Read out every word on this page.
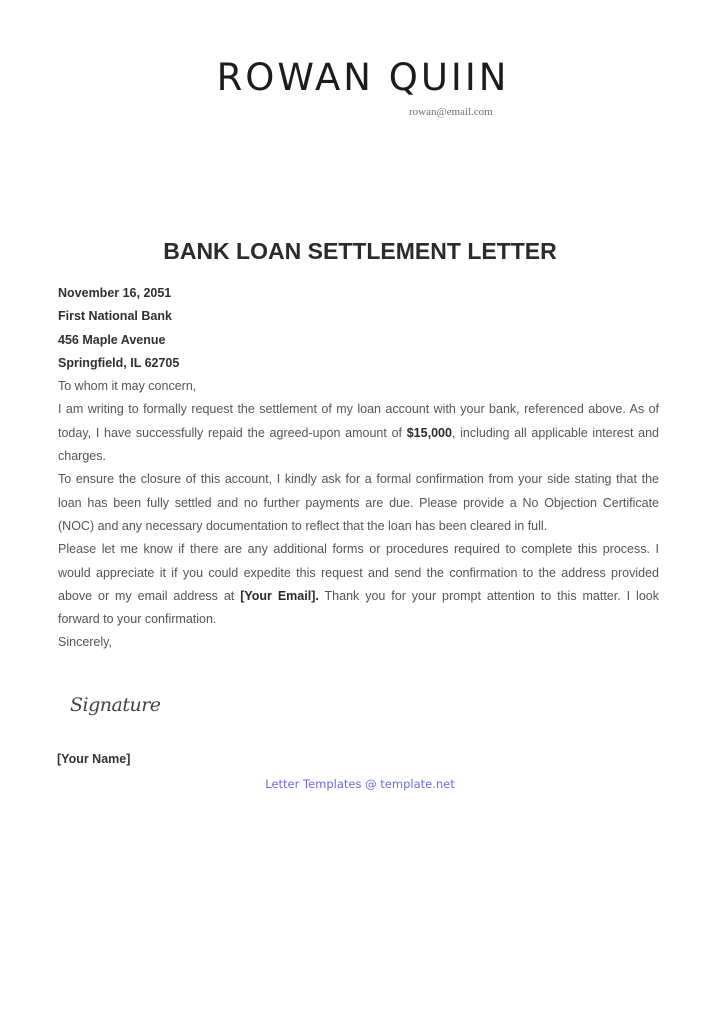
ROWAN QUIIN
rowan@email.com
BANK LOAN SETTLEMENT LETTER
November 16, 2051
First National Bank
456 Maple Avenue
Springfield, IL 62705
To whom it may concern,
I am writing to formally request the settlement of my loan account with your bank, referenced above. As of today, I have successfully repaid the agreed-upon amount of $15,000, including all applicable interest and charges.
To ensure the closure of this account, I kindly ask for a formal confirmation from your side stating that the loan has been fully settled and no further payments are due. Please provide a No Objection Certificate (NOC) and any necessary documentation to reflect that the loan has been cleared in full.
Please let me know if there are any additional forms or procedures required to complete this process. I would appreciate it if you could expedite this request and send the confirmation to the address provided above or my email address at [Your Email]. Thank you for your prompt attention to this matter. I look forward to your confirmation.
Sincerely,
Signature
[Your Name]
Letter Templates @ template.net
